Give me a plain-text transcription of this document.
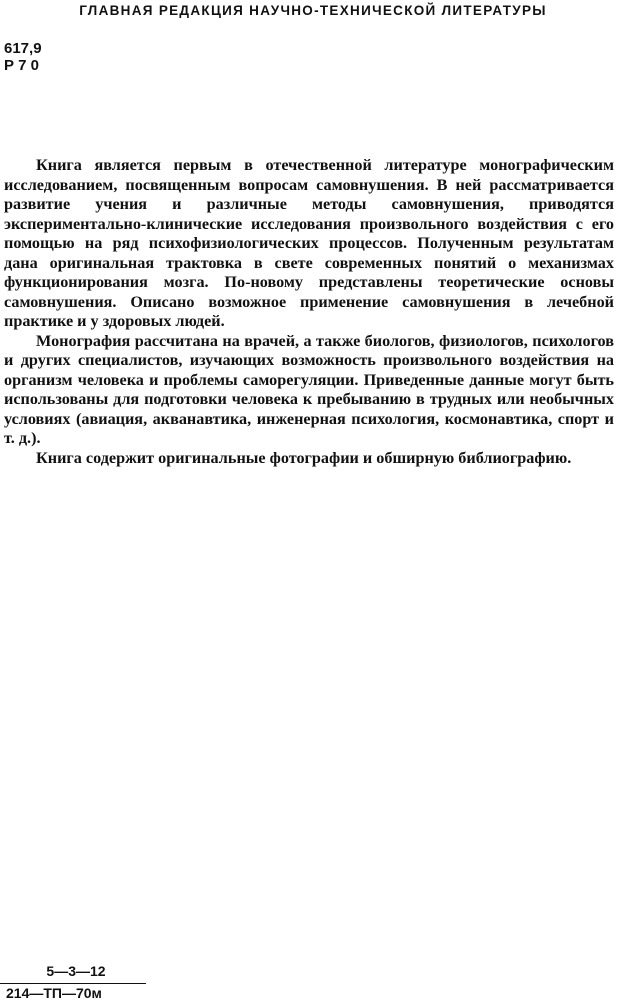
ГЛАВНАЯ РЕДАКЦИЯ НАУЧНО-ТЕХНИЧЕСКОЙ ЛИТЕРАТУРЫ
617,9
Р 7 0

Книга является первым в отечественной литературе монографическим исследованием, посвященным вопросам самовнушения. В ней рассматривается развитие учения и различные методы самовнушения, приводятся экспериментально-клинические исследования произвольного воздействия с его помощью на ряд психофизиологических процессов. Полученным результатам дана оригинальная трактовка в свете современных понятий о механизмах функционирования мозга. По-новому представлены теоретические основы самовнушения. Описано возможное применение самовнушения в лечебной практике и у здоровых людей.

Монография рассчитана на врачей, а также биологов, физиологов, психологов и других специалистов, изучающих возможность произвольного воздействия на организм человека и проблемы саморегуляции. Приведенные данные могут быть использованы для подготовки человека к пребыванию в трудных или необычных условиях (авиация, акванавтика, инженерная психология, космонавтика, спорт и т. д.).

Книга содержит оригинальные фотографии и обширную библиографию.

5—3—12
214—ТП—70м
